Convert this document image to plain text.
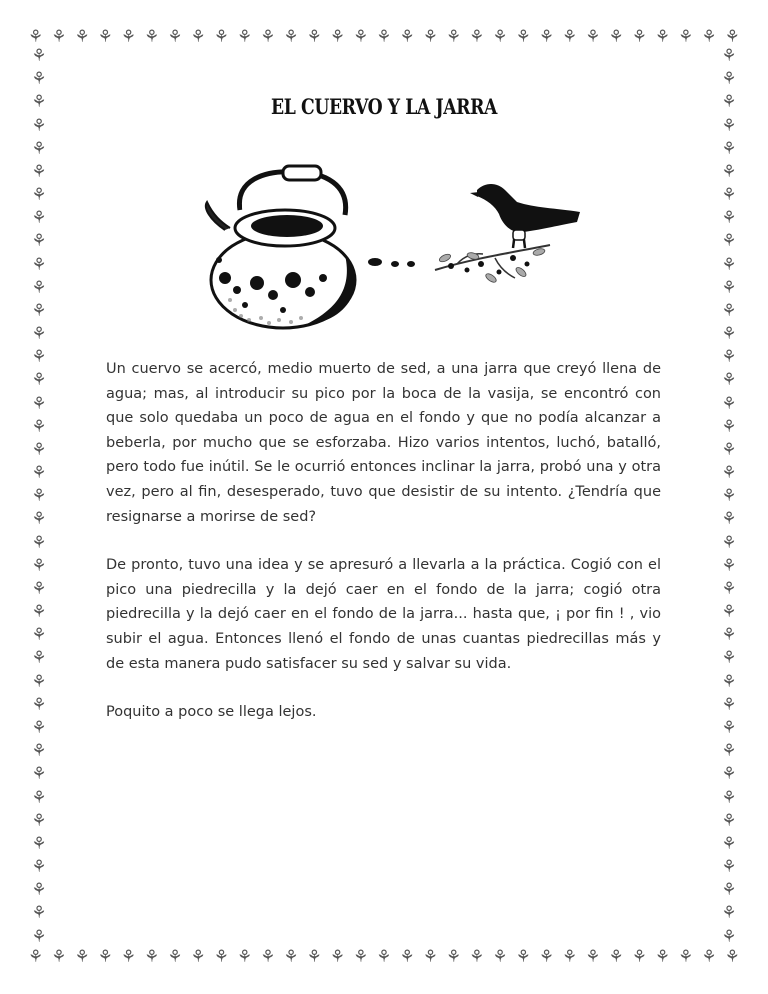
⚘ ⚘ ⚘ ⚘ ⚘ ⚘ ⚘ ⚘ ⚘ ⚘ ⚘ ⚘ ⚘ ⚘ ⚘ ⚘ ⚘ ⚘ ⚘ ⚘ ⚘ ⚘ ⚘ ⚘ ⚘ ⚘ ⚘ ⚘ ⚘ ⚘ ⚘
⚘ ⚘ ⚘ ⚘ ⚘ ⚘ ⚘ ⚘ ⚘ ⚘ ⚘ ⚘ ⚘ ⚘ ⚘ ⚘ ⚘ ⚘ ⚘ ⚘ ⚘ ⚘ ⚘ ⚘ ⚘ ⚘ ⚘ ⚘ ⚘ ⚘ ⚘
⚘
⚘
⚘
⚘
⚘
⚘
⚘
⚘
⚘
⚘
⚘
⚘
⚘
⚘
⚘
⚘
⚘
⚘
⚘
⚘
⚘
⚘
⚘
⚘
⚘
⚘
⚘
⚘
⚘
⚘
⚘
⚘
⚘
⚘
⚘
⚘
⚘
⚘
⚘
⚘
⚘
⚘
⚘
⚘
⚘
⚘
⚘
⚘
⚘
⚘
⚘
⚘
⚘
⚘
⚘
⚘
⚘
⚘
⚘
⚘
⚘
⚘
⚘
⚘
⚘
⚘
⚘
⚘
⚘
⚘
⚘
⚘
⚘
⚘
⚘
⚘
⚘
⚘
EL CUERVO Y LA JARRA

Un cuervo se acercó, medio muerto de sed, a una jarra que creyó llena de agua; mas, al introducir su pico por la boca de la vasija, se encontró con que solo quedaba un poco de agua en el fondo y que no podía alcanzar a beberla, por mucho que se esforzaba. Hizo varios intentos, luchó, batalló, pero todo fue inútil. Se le ocurrió entonces inclinar la jarra, probó una y otra vez, pero al fin, desesperado, tuvo que desistir de su intento. ¿Tendría que resignarse a morirse de sed?

De pronto, tuvo una idea y se apresuró a llevarla a la práctica. Cogió con el pico una piedrecilla y la dejó caer en el fondo de la jarra; cogió otra piedrecilla y la dejó caer en el fondo de la jarra... hasta que, ¡ por fin ! , vio subir el agua. Entonces llenó el fondo de unas cuantas piedrecillas más y de esta manera pudo satisfacer su sed y salvar su vida.

Poquito a poco se llega lejos.
